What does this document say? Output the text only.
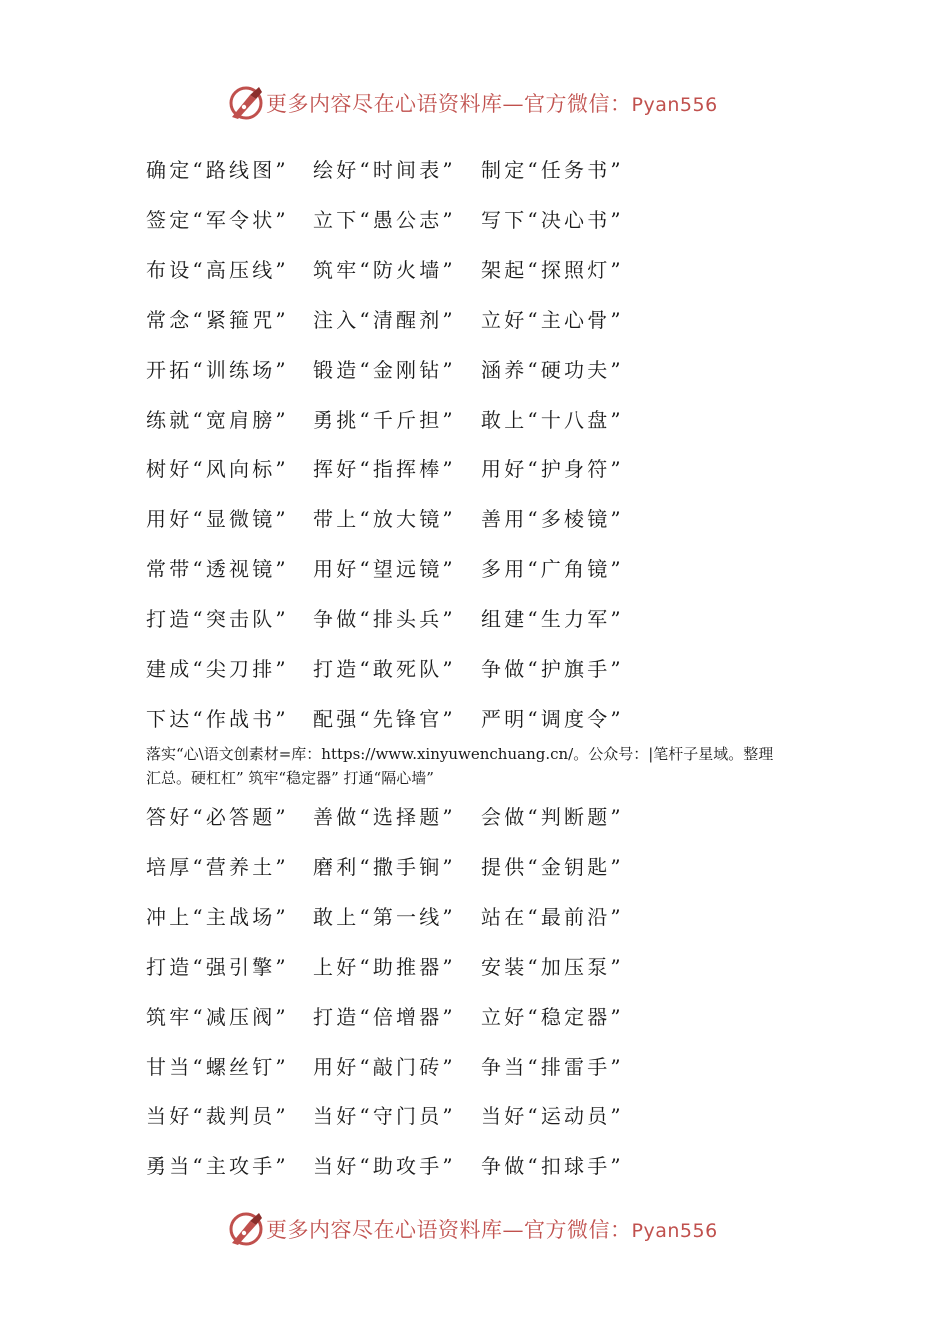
更多内容尽在心语资料库—官方微信：Pyan556
确定“路线图” 绘好“时间表” 制定“任务书”
签定“军令状” 立下“愚公志” 写下“决心书”
布设“高压线” 筑牢“防火墙” 架起“探照灯”
常念“紧箍咒” 注入“清醒剂” 立好“主心骨”
开拓“训练场” 锻造“金刚钻” 涵养“硬功夫”
练就“宽肩膀” 勇挑“千斤担” 敢上“十八盘”
树好“风向标” 挥好“指挥棒” 用好“护身符”
用好“显微镜” 带上“放大镜” 善用“多棱镜”
常带“透视镜” 用好“望远镜” 多用“广角镜”
打造“突击队” 争做“排头兵” 组建“生力军”
建成“尖刀排” 打造“敢死队” 争做“护旗手”
下达“作战书” 配强“先锋官” 严明“调度令”
落实“心\语文创素材=库：https://www.xinyuwenchuang.cn/。公众号：|笔杆子星域。整理
汇总。硬杠杠” 筑牢“稳定器” 打通“隔心墙”
答好“必答题” 善做“选择题” 会做“判断题”
培厚“营养土” 磨利“撒手锏” 提供“金钥匙”
冲上“主战场” 敢上“第一线” 站在“最前沿”
打造“强引擎” 上好“助推器” 安装“加压泵”
筑牢“减压阀” 打造“倍增器” 立好“稳定器”
甘当“螺丝钉” 用好“敲门砖” 争当“排雷手”
当好“裁判员” 当好“守门员” 当好“运动员”
勇当“主攻手” 当好“助攻手” 争做“扣球手”
更多内容尽在心语资料库—官方微信：Pyan556
